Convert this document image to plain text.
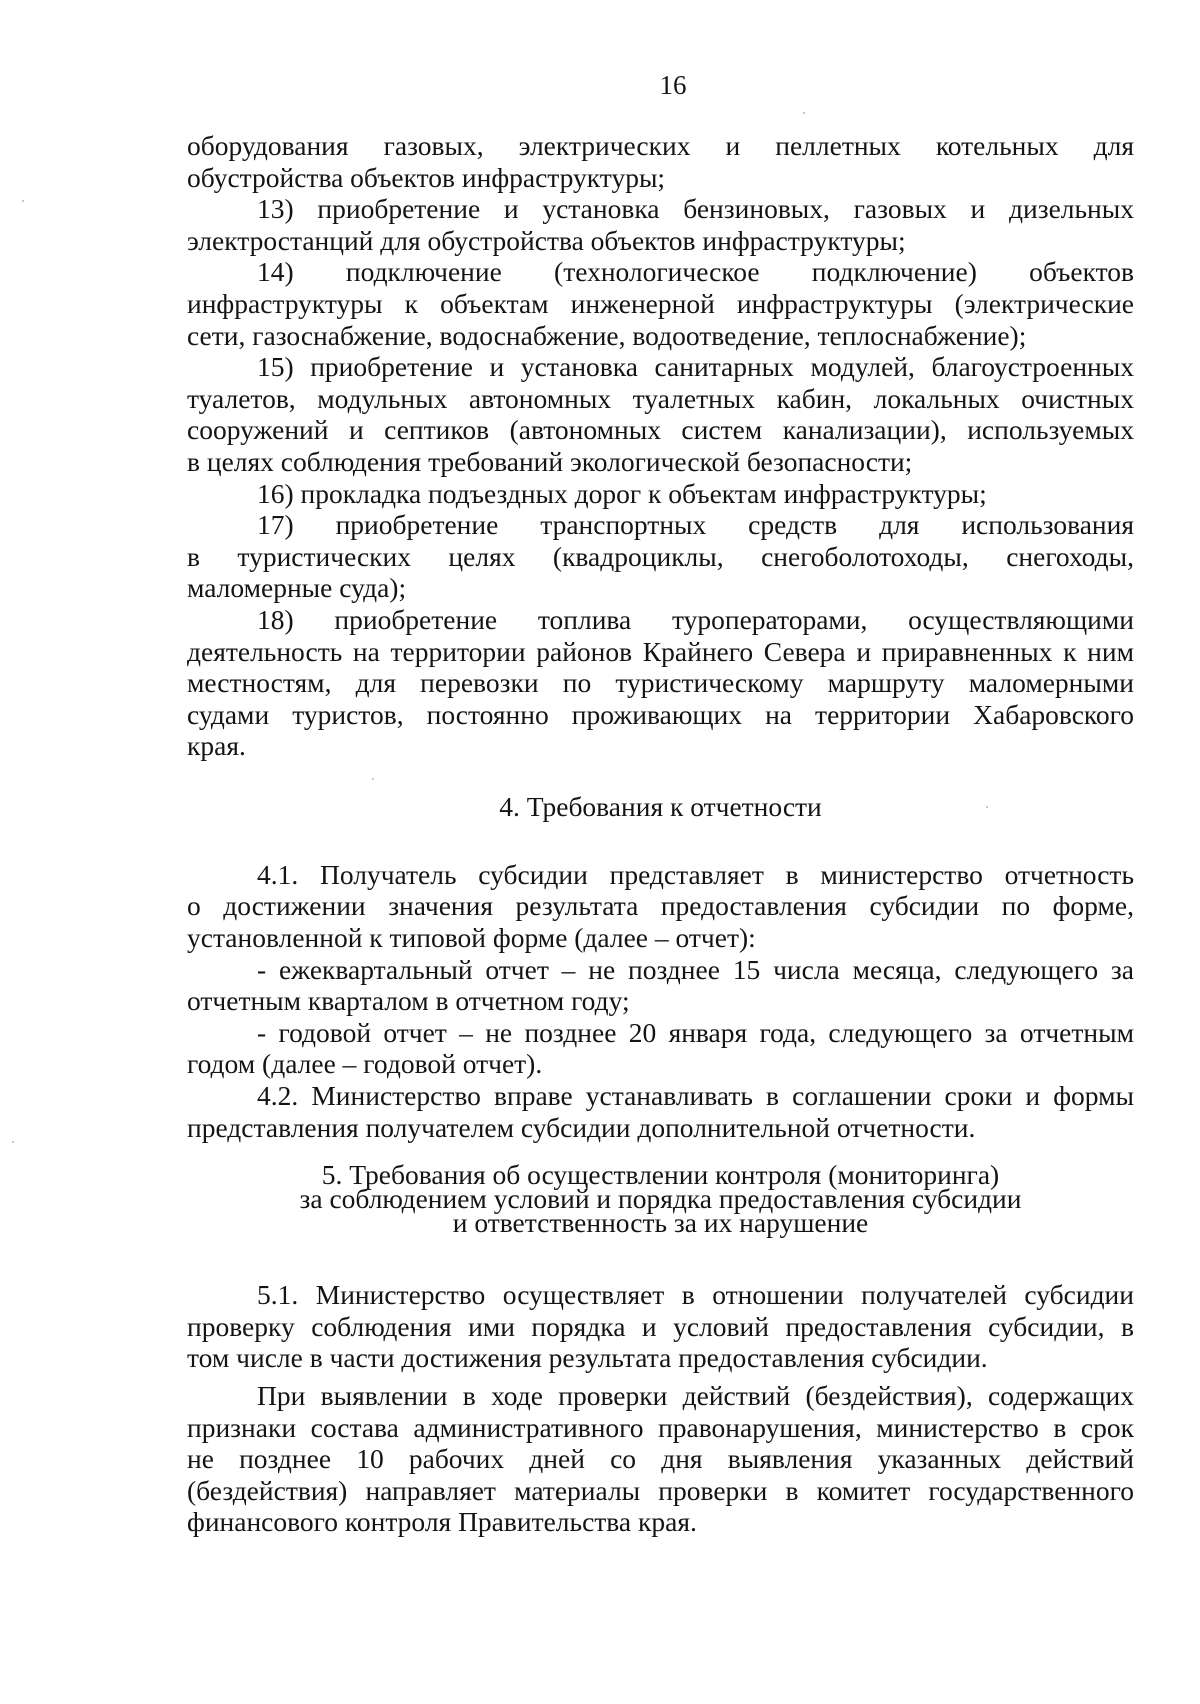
16
оборудования газовых, электрических и пеллетных котельных для
обустройства объектов инфраструктуры;
13) приобретение и установка бензиновых, газовых и дизельных
электростанций для обустройства объектов инфраструктуры;
14) подключение (технологическое подключение) объектов
инфраструктуры к объектам инженерной инфраструктуры (электрические
сети, газоснабжение, водоснабжение, водоотведение, теплоснабжение);
15) приобретение и установка санитарных модулей, благоустроенных
туалетов, модульных автономных туалетных кабин, локальных очистных
сооружений и септиков (автономных систем канализации), используемых
в целях соблюдения требований экологической безопасности;
16) прокладка подъездных дорог к объектам инфраструктуры;
17) приобретение транспортных средств для использования
в туристических целях (квадроциклы, снегоболотоходы, снегоходы,
маломерные суда);
18) приобретение топлива туроператорами, осуществляющими
деятельность на территории районов Крайнего Севера и приравненных к ним
местностям, для перевозки по туристическому маршруту маломерными
судами туристов, постоянно проживающих на территории Хабаровского
края.
4. Требования к отчетности
4.1. Получатель субсидии представляет в министерство отчетность
о достижении значения результата предоставления субсидии по форме,
установленной к типовой форме (далее – отчет):
- ежеквартальный отчет – не позднее 15 числа месяца, следующего за
отчетным кварталом в отчетном году;
- годовой отчет – не позднее 20 января года, следующего за отчетным
годом (далее – годовой отчет).
4.2. Министерство вправе устанавливать в соглашении сроки и формы
представления получателем субсидии дополнительной отчетности.
5. Требования об осуществлении контроля (мониторинга)
за соблюдением условий и порядка предоставления субсидии
и ответственность за их нарушение
5.1. Министерство осуществляет в отношении получателей субсидии
проверку соблюдения ими порядка и условий предоставления субсидии, в
том числе в части достижения результата предоставления субсидии.
При выявлении в ходе проверки действий (бездействия), содержащих
признаки состава административного правонарушения, министерство в срок
не позднее 10 рабочих дней со дня выявления указанных действий
(бездействия) направляет материалы проверки в комитет государственного
финансового контроля Правительства края.
